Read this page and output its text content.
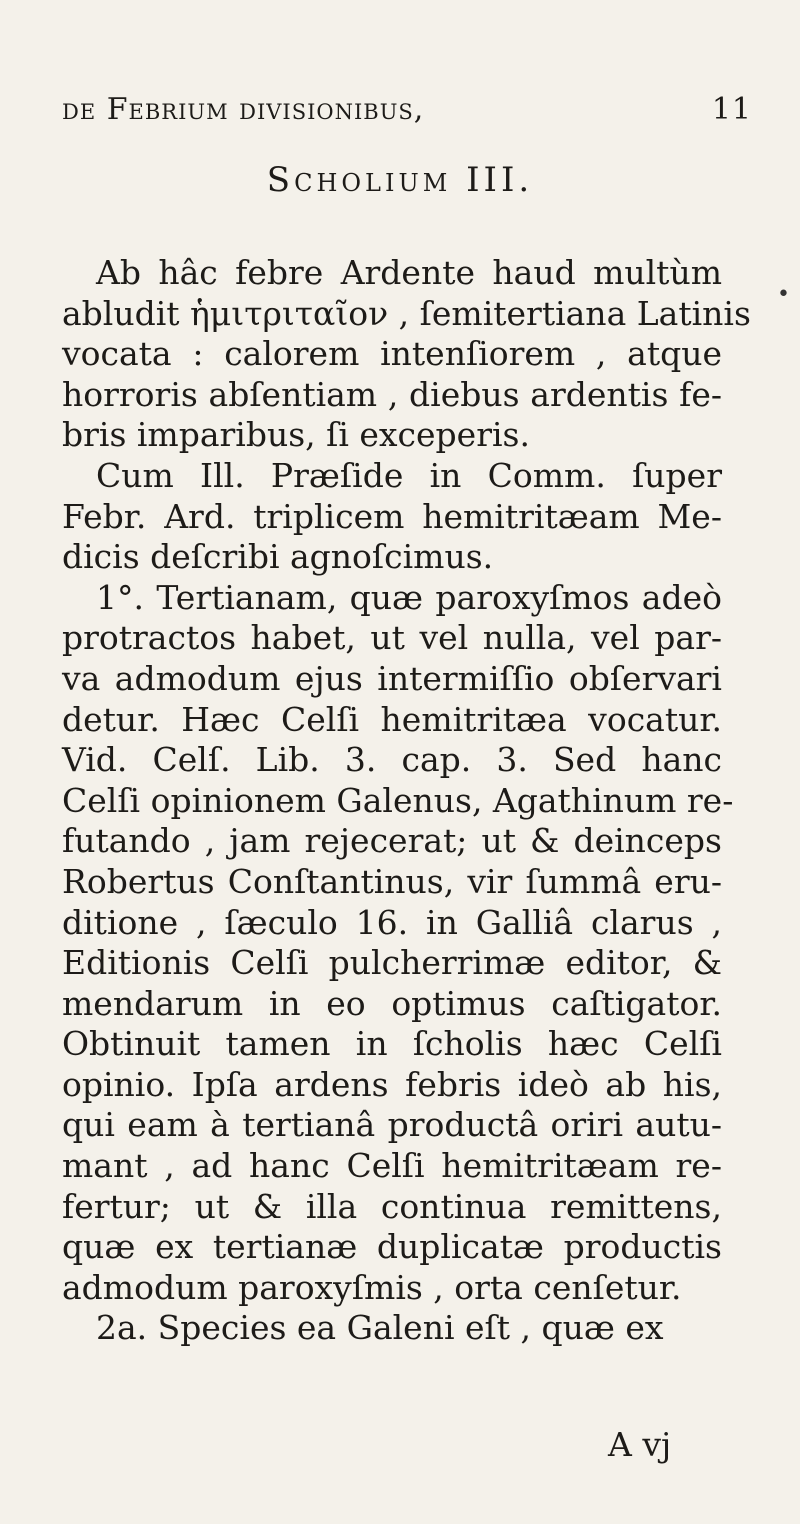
de Febrium divisionibus,	11
•
Scholium III.
Ab hâc febre Ardente haud multùm
abludit ἡμιτριταῖον , ſemitertiana Latinis
vocata : calorem intenſiorem , atque
horroris abſentiam , diebus ardentis fe-
bris imparibus, ſi exceperis.
Cum Ill. Præſide in Comm. ſuper
Febr. Ard. triplicem hemitritæam Me-
dicis deſcribi agnoſcimus.
1°. Tertianam, quæ paroxyſmos adeò
protractos habet, ut vel nulla, vel par-
va admodum ejus intermiſſio obſervari
detur. Hæc Celſi hemitritæa vocatur.
Vid. Celſ. Lib. 3. cap. 3. Sed hanc
Celſi opinionem Galenus, Agathinum re-
futando , jam rejecerat; ut & deinceps
Robertus Conſtantinus, vir ſummâ eru-
ditione , ſæculo 16. in Galliâ clarus ,
Editionis Celſi pulcherrimæ editor, &
mendarum in eo optimus caſtigator.
Obtinuit tamen in ſcholis hæc Celſi
opinio. Ipſa ardens febris ideò ab his,
qui eam à tertianâ productâ oriri autu-
mant , ad hanc Celſi hemitritæam re-
fertur; ut & illa continua remittens,
quæ ex tertianæ duplicatæ productis
admodum paroxyſmis , orta cenſetur.
2a. Species ea Galeni eſt , quæ ex
A vj
